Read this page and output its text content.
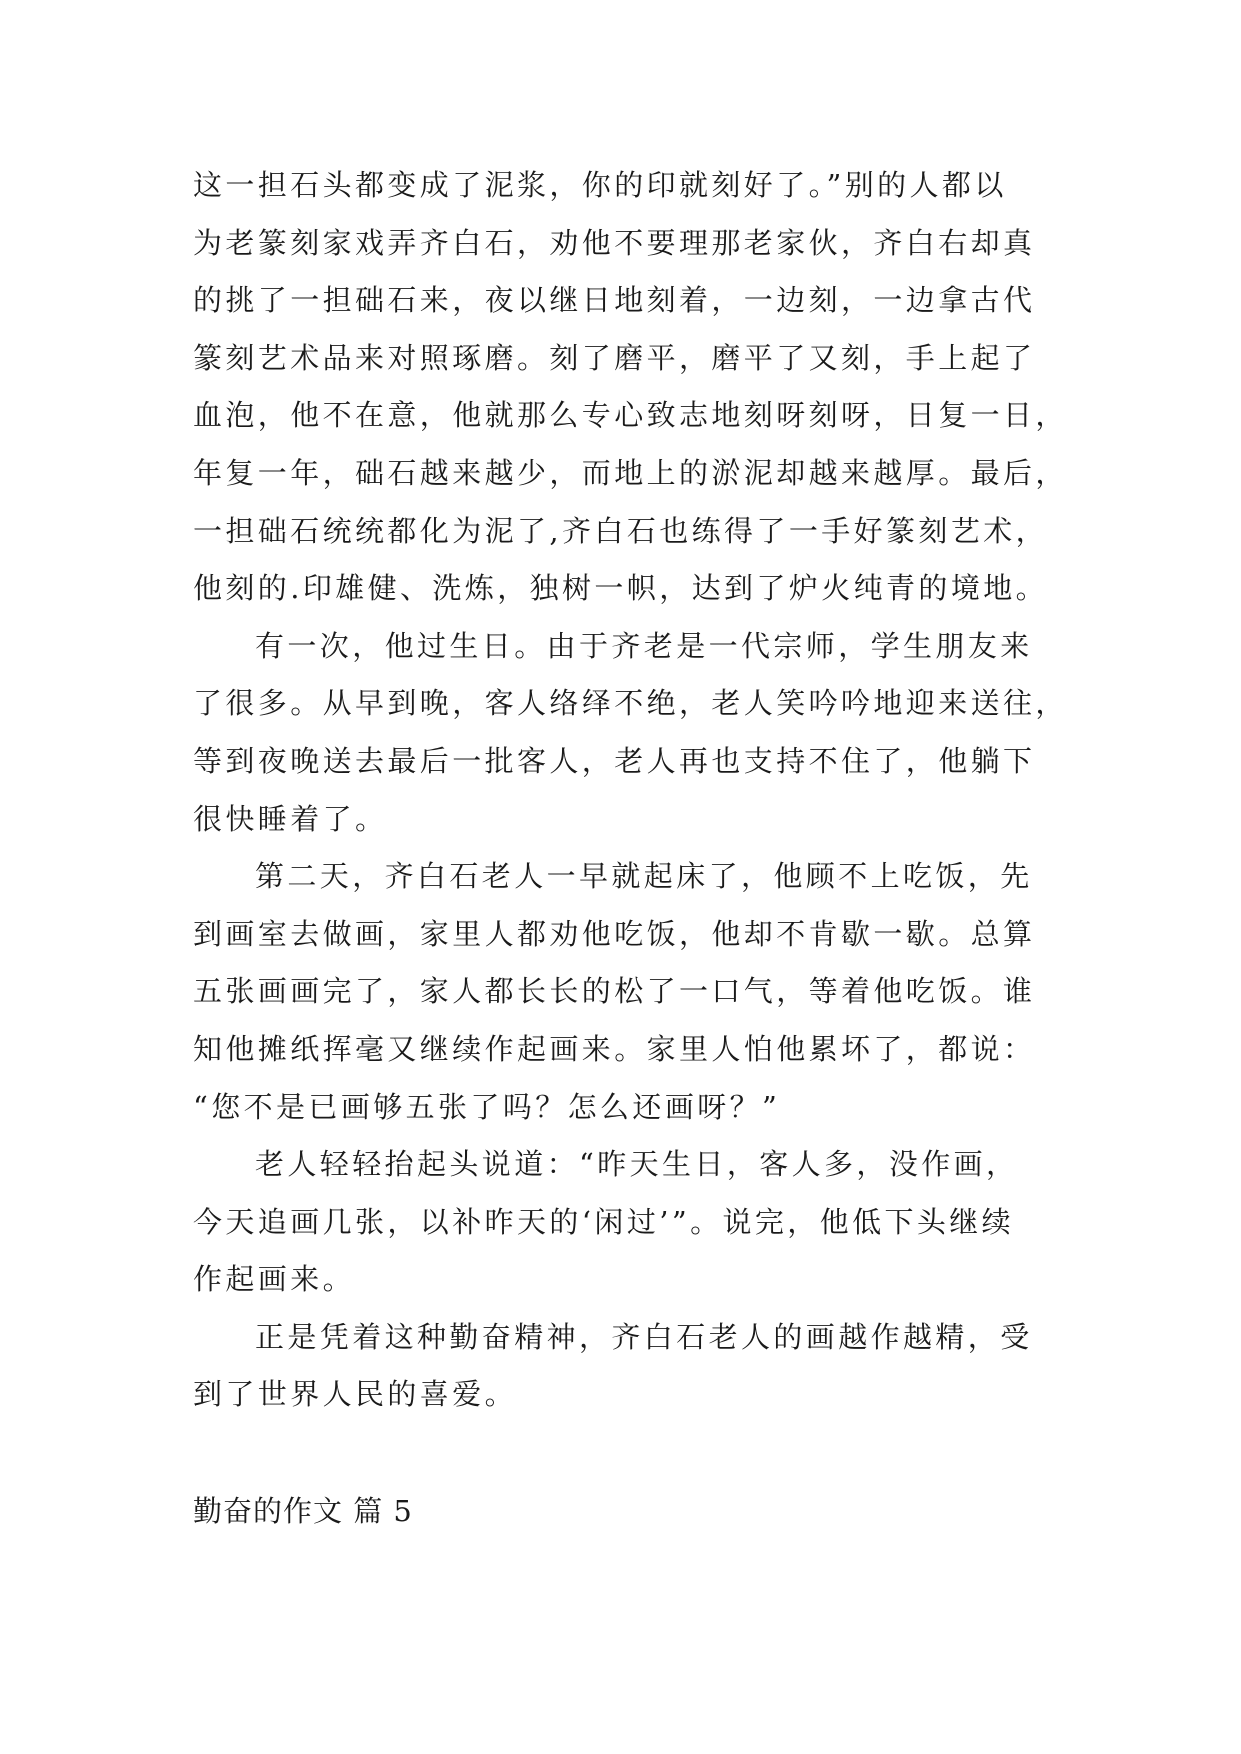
这一担石头都变成了泥浆，你的印就刻好了。”别的人都以
为老篆刻家戏弄齐白石，劝他不要理那老家伙，齐白右却真
的挑了一担础石来，夜以继日地刻着，一边刻，一边拿古代
篆刻艺术品来对照琢磨。刻了磨平，磨平了又刻，手上起了
血泡，他不在意，他就那么专心致志地刻呀刻呀，日复一日，
年复一年，础石越来越少，而地上的淤泥却越来越厚。最后，
一担础石统统都化为泥了,齐白石也练得了一手好篆刻艺术，
他刻的.印雄健、洗炼，独树一帜，达到了炉火纯青的境地。
有一次，他过生日。由于齐老是一代宗师，学生朋友来
了很多。从早到晚，客人络绎不绝，老人笑吟吟地迎来送往，
等到夜晚送去最后一批客人，老人再也支持不住了，他躺下
很快睡着了。
第二天，齐白石老人一早就起床了，他顾不上吃饭，先
到画室去做画，家里人都劝他吃饭，他却不肯歇一歇。总算
五张画画完了，家人都长长的松了一口气，等着他吃饭。谁
知他摊纸挥毫又继续作起画来。家里人怕他累坏了，都说：
“您不是已画够五张了吗？怎么还画呀？”
老人轻轻抬起头说道：“昨天生日，客人多，没作画，
今天追画几张，以补昨天的‘闲过’”。说完，他低下头继续
作起画来。
正是凭着这种勤奋精神，齐白石老人的画越作越精，受
到了世界人民的喜爱。
勤奋的作文 篇 5
